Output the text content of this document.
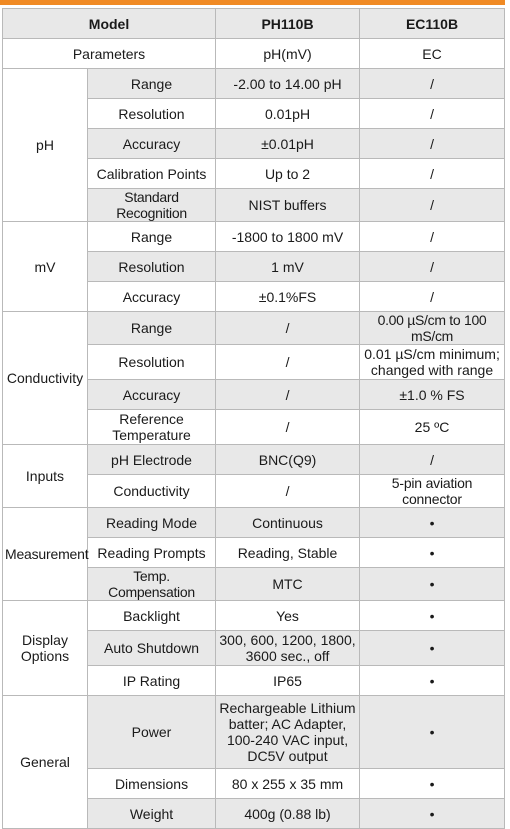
Model		PH110B	EC110B
Parameters		pH(mV)	EC
pH	Range	-2.00 to 14.00 pH	/
	Resolution	0.01pH	/
	Accuracy	±0.01pH	/
	Calibration Points	Up to 2	/
	Standard Recognition	NIST buffers	/
mV	Range	-1800 to 1800 mV	/
	Resolution	1 mV	/
	Accuracy	±0.1%FS	/
Conductivity	Range	/	0.00 µS/cm to 100 mS/cm
	Resolution	/	0.01 µS/cm minimum; changed with range
	Accuracy	/	±1.0 % FS
	Reference Temperature	/	25 ºC
Inputs	pH Electrode	BNC(Q9)	/
	Conductivity	/	5-pin aviation connector
Measurement	Reading Mode	Continuous	•
	Reading Prompts	Reading, Stable	•
	Temp. Compensation	MTC	•
Display Options	Backlight	Yes	•
	Auto Shutdown	300, 600, 1200, 1800, 3600 sec., off	•
	IP Rating	IP65	•
General	Power	Rechargeable Lithium batter; AC Adapter, 100-240 VAC input, DC5V output	•
	Dimensions	80 x 255 x 35 mm	•
	Weight	400g (0.88 lb)	•
